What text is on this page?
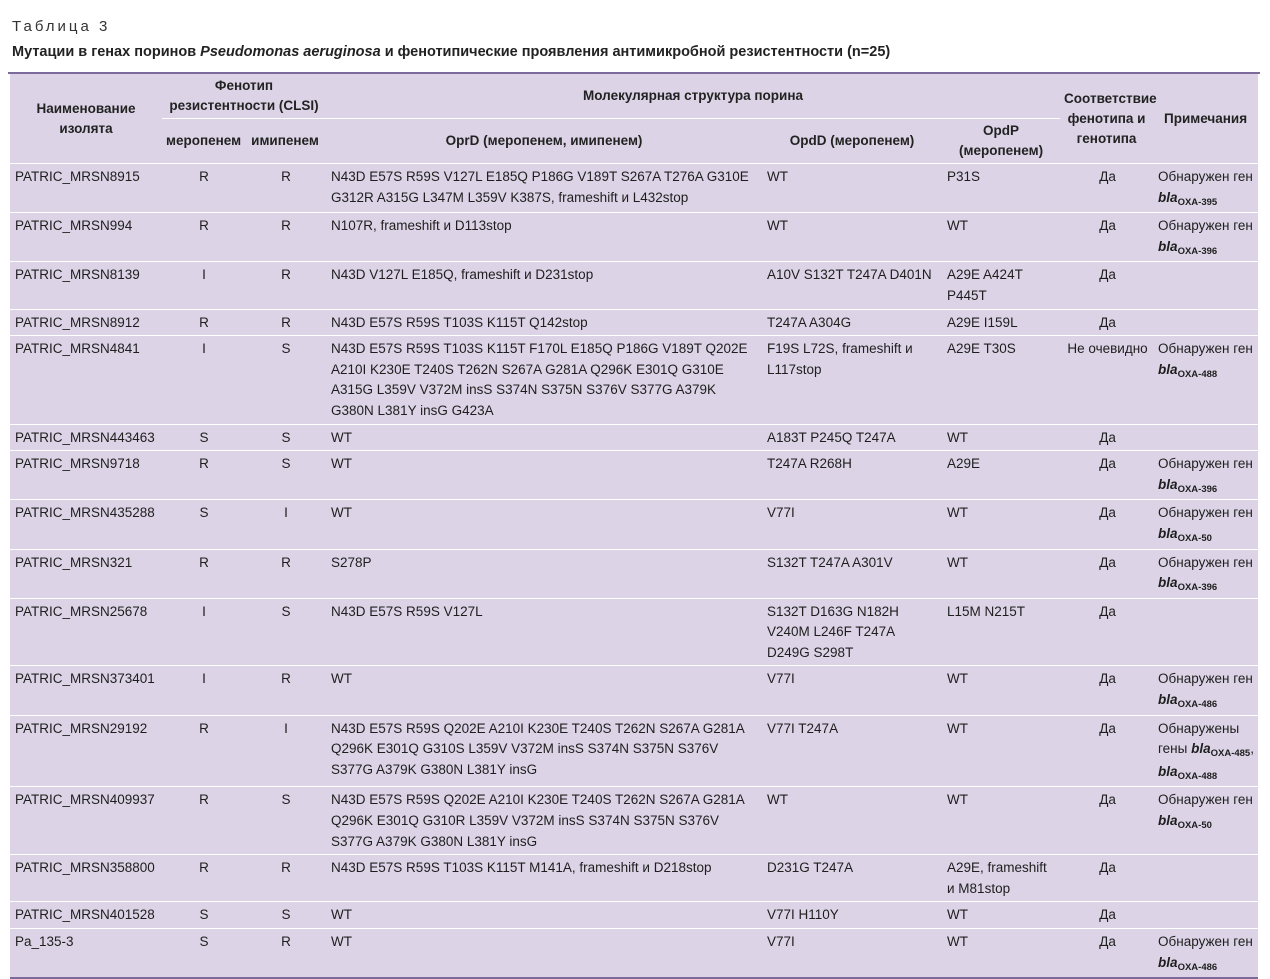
Таблица 3
Мутации в генах поринов Pseudomonas aeruginosa и фенотипические проявления антимикробной резистентности (n=25)
Наименование изолята	Фенотип резистентности (CLSI)		Молекулярная структура порина			Соответствие фенотипа и генотипа	Примечания
	меропенем	имипенем	OprD (меропенем, имипенем)	OpdD (меропенем)	OpdP (меропенем)		
PATRIC_MRSN8915	R	R	N43D E57S R59S V127L E185Q P186G V189T S267A T276A G310E G312R A315G L347M L359V K387S, frameshift и L432stop	WT	P31S	Да	Обнаружен ген bla$_{OXA-395}$
PATRIC_MRSN994	R	R	N107R, frameshift и D113stop	WT	WT	Да	Обнаружен ген bla$_{OXA-396}$
PATRIC_MRSN8139	I	R	N43D V127L E185Q, frameshift и D231stop	A10V S132T T247A D401N	A29E A424T P445T	Да	
PATRIC_MRSN8912	R	R	N43D E57S R59S T103S K115T Q142stop	T247A A304G	A29E I159L	Да	
PATRIC_MRSN4841	I	S	N43D E57S R59S T103S K115T F170L E185Q P186G V189T Q202E A210I K230E T240S T262N S267A G281A Q296K E301Q G310E A315G L359V V372M insS S374N S375N S376V S377G A379K G380N L381Y insG G423A	F19S L72S, frameshift и L117stop	A29E T30S	Не очевидно	Обнаружен ген bla$_{OXA-488}$
PATRIC_MRSN443463	S	S	WT	A183T P245Q T247A	WT	Да	
PATRIC_MRSN9718	R	S	WT	T247A R268H	A29E	Да	Обнаружен ген bla$_{OXA-396}$
PATRIC_MRSN435288	S	I	WT	V77I	WT	Да	Обнаружен ген bla$_{OXA-50}$
PATRIC_MRSN321	R	R	S278P	S132T T247A A301V	WT	Да	Обнаружен ген bla$_{OXA-396}$
PATRIC_MRSN25678	I	S	N43D E57S R59S V127L	S132T D163G N182H V240M L246F T247A D249G S298T	L15M N215T	Да	
PATRIC_MRSN373401	I	R	WT	V77I	WT	Да	Обнаружен ген bla$_{OXA-486}$
PATRIC_MRSN29192	R	I	N43D E57S R59S Q202E A210I K230E T240S T262N S267A G281A Q296K E301Q G310S L359V V372M insS S374N S375N S376V S377G A379K G380N L381Y insG	V77I T247A	WT	Да	Обнаружены гены bla$_{OXA-485}$, bla$_{OXA-488}$
PATRIC_MRSN409937	R	S	N43D E57S R59S Q202E A210I K230E T240S T262N S267A G281A Q296K E301Q G310R L359V V372M insS S374N S375N S376V S377G A379K G380N L381Y insG	WT	WT	Да	Обнаружен ген bla$_{OXA-50}$
PATRIC_MRSN358800	R	R	N43D E57S R59S T103S K115T M141A, frameshift и D218stop	D231G T247A	A29E, frameshift и M81stop	Да	
PATRIC_MRSN401528	S	S	WT	V77I H110Y	WT	Да	
Pa_135-3	S	R	WT	V77I	WT	Да	Обнаружен ген bla$_{OXA-486}$
